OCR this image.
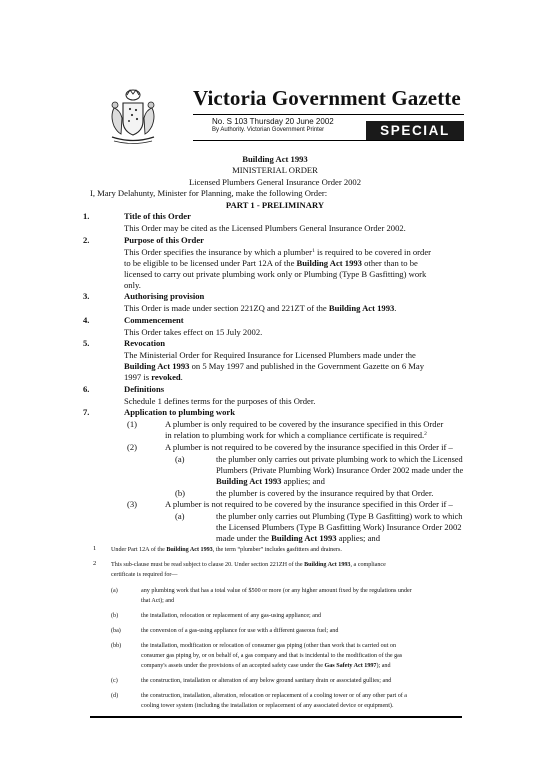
Victoria Government Gazette
No. S 103 Thursday 20 June 2002
By Authority. Victorian Government Printer	SPECIAL
Building Act 1993
MINISTERIAL ORDER
Licensed Plumbers General Insurance Order 2002
I, Mary Delahunty, Minister for Planning, make the following Order:
PART 1 - PRELIMINARY
1.	Title of this Order
This Order may be cited as the Licensed Plumbers General Insurance Order 2002.
2.	Purpose of this Order
This Order specifies the insurance by which a plumber$^1$ is required to be covered in order
to be eligible to be licensed under Part 12A of the Building Act 1993 other than to be
licensed to carry out private plumbing work only or Plumbing (Type B Gasfitting) work
only.
3.	Authorising provision
This Order is made under section 221ZQ and 221ZT of the Building Act 1993.
4.	Commencement
This Order takes effect on 15 July 2002.
5.	Revocation
The Ministerial Order for Required Insurance for Licensed Plumbers made under the
Building Act 1993 on 5 May 1997 and published in the Government Gazette on 6 May
1997 is revoked.
6.	Definitions
Schedule 1 defines terms for the purposes of this Order.
7.	Application to plumbing work
(1)	A plumber is only required to be covered by the insurance specified in this Order
in relation to plumbing work for which a compliance certificate is required.$^2$
(2)	A plumber is not required to be covered by the insurance specified in this Order if –
(a)	the plumber only carries out private plumbing work to which the Licensed
Plumbers (Private Plumbing Work) Insurance Order 2002 made under the
Building Act 1993 applies; and
(b)	the plumber is covered by the insurance required by that Order.
(3)	A plumber is not required to be covered by the insurance specified in this Order if –
(a)	the plumber only carries out Plumbing (Type B Gasfitting) work to which
the Licensed Plumbers (Type B Gasfitting Work) Insurance Order 2002
made under the Building Act 1993 applies; and
1 Under Part 12A of the Building Act 1993, the term “plumber” includes gasfitters and drainers.
2 This sub-clause must be read subject to clause 20. Under section 221ZH of the Building Act 1993, a compliance
certificate is required for—
(a)	any plumbing work that has a total value of $500 or more (or any higher amount fixed by the regulations under
that Act); and
(b)	the installation, relocation or replacement of any gas-using appliance; and
(ba)	the conversion of a gas-using appliance for use with a different gaseous fuel; and
(bb)	the installation, modification or relocation of consumer gas piping (other than work that is carried out on
consumer gas piping by, or on behalf of, a gas company and that is incidental to the modification of the gas
company's assets under the provisions of an accepted safety case under the Gas Safety Act 1997); and
(c)	the construction, installation or alteration of any below ground sanitary drain or associated gullies; and
(d)	the construction, installation, alteration, relocation or replacement of a cooling tower or of any other part of a
cooling tower system (including the installation or replacement of any associated device or equipment).
